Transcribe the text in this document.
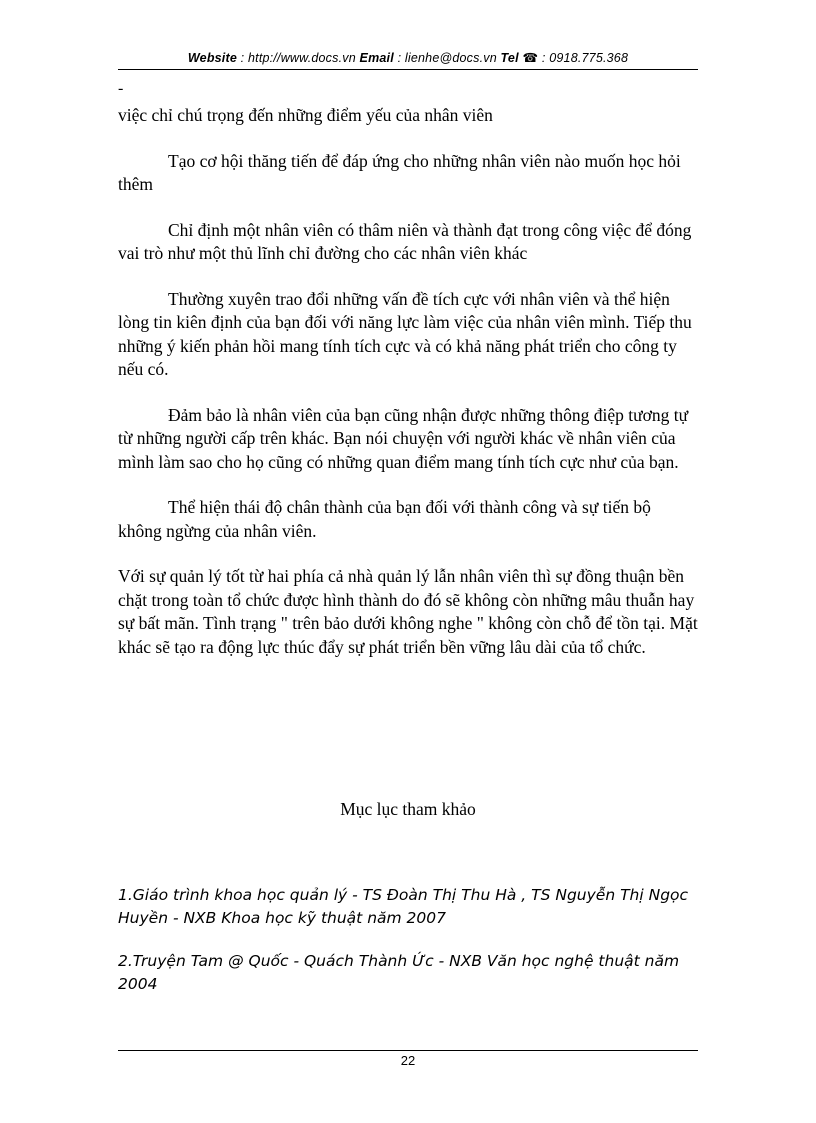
Website : http://www.docs.vn Email : lienhe@docs.vn Tel ☎ : 0918.775.368
-

việc chỉ chú trọng đến những điểm yếu của nhân viên

Tạo cơ hội thăng tiến để đáp ứng cho những nhân viên nào muốn học hỏi thêm

Chỉ định một nhân viên có thâm niên và thành đạt trong công việc để đóng vai trò như một thủ lĩnh chỉ đường cho các nhân viên khác

Thường xuyên trao đổi những vấn đề tích cực với nhân viên và thể hiện lòng tin kiên định của bạn đối với năng lực làm việc của nhân viên mình. Tiếp thu những ý kiến phản hồi mang tính tích cực và có khả năng phát triển cho công ty nếu có.

Đảm bảo là nhân viên của bạn cũng nhận được những thông điệp tương tự từ những người cấp trên khác. Bạn nói chuyện với người khác về nhân viên của mình làm sao cho họ cũng có những quan điểm mang tính tích cực như của bạn.

Thể hiện thái độ chân thành của bạn đối với thành công và sự tiến bộ không ngừng của nhân viên.

Với sự quản lý tốt từ hai phía cả nhà quản lý lẫn nhân viên thì sự đồng thuận bền chặt trong toàn tổ chức được hình thành do đó sẽ không còn những mâu thuẫn hay sự bất mãn. Tình trạng " trên bảo dưới không nghe " không còn chỗ để tồn tại. Mặt khác sẽ tạo ra động lực thúc đẩy sự phát triển bền vững lâu dài của tổ chức.

Mục lục tham khảo

1.Giáo trình khoa học quản lý - TS Đoàn Thị Thu Hà , TS Nguyễn Thị Ngọc Huyền - NXB Khoa học kỹ thuật năm 2007

2.Truyện Tam @ Quốc - Quách Thành Ức - NXB Văn học nghệ thuật năm 2004

22
